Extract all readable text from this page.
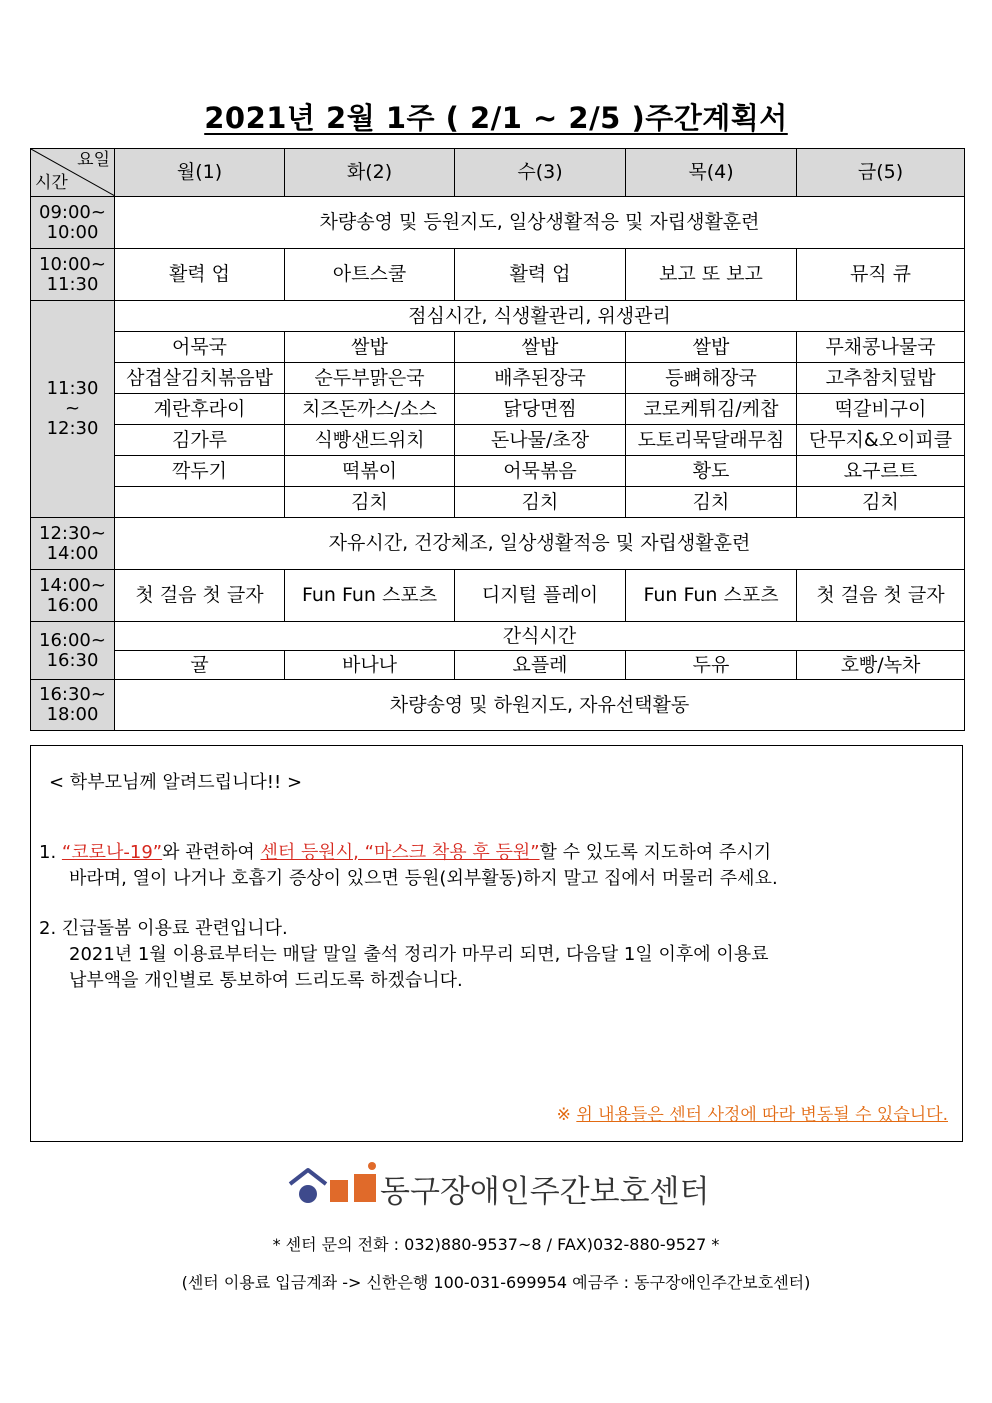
2021년 2월 1주 ( 2/1 ~ 2/5 )주간계획서
요일
시간	월(1)	화(2)	수(3)	목(4)	금(5)
09:00~
10:00	차량송영 및 등원지도, 일상생활적응 및 자립생활훈련				
10:00~
11:30	활력 업	아트스쿨	활력 업	보고 또 보고	뮤직 큐
11:30
~
12:30	점심시간, 식생활관리, 위생관리				
	어묵국	쌀밥	쌀밥	쌀밥	무채콩나물국
	삼겹살김치볶음밥	순두부맑은국	배추된장국	등뼈해장국	고추참치덮밥
	계란후라이	치즈돈까스/소스	닭당면찜	코로케튀김/케찹	떡갈비구이
	김가루	식빵샌드위치	돈나물/초장	도토리묵달래무침	단무지&오이피클
	깍두기	떡볶이	어묵볶음	황도	요구르트
		김치	김치	김치	김치
12:30~
14:00	자유시간, 건강체조, 일상생활적응 및 자립생활훈련				
14:00~
16:00	첫 걸음 첫 글자	Fun Fun 스포츠	디지털 플레이	Fun Fun 스포츠	첫 걸음 첫 글자
16:00~
16:30	간식시간				
	귤	바나나	요플레	두유	호빵/녹차
16:30~
18:00	차량송영 및 하원지도, 자유선택활동				
< 학부모님께 알려드립니다!! >
1. “코로나-19”와 관련하여 센터 등원시, “마스크 착용 후 등원”할 수 있도록 지도하여 주시기
바라며, 열이 나거나 호흡기 증상이 있으면 등원(외부활동)하지 말고 집에서 머물러 주세요.
2. 긴급돌봄 이용료 관련입니다.
2021년 1월 이용료부터는 매달 말일 출석 정리가 마무리 되면, 다음달 1일 이후에 이용료
납부액을 개인별로 통보하여 드리도록 하겠습니다.
※ 위 내용들은 센터 사정에 따라 변동될 수 있습니다.
동구장애인주간보호센터
* 센터 문의 전화 : 032)880-9537~8 / FAX)032-880-9527 *
(센터 이용료 입금계좌 -> 신한은행 100-031-699954 예금주 : 동구장애인주간보호센터)
